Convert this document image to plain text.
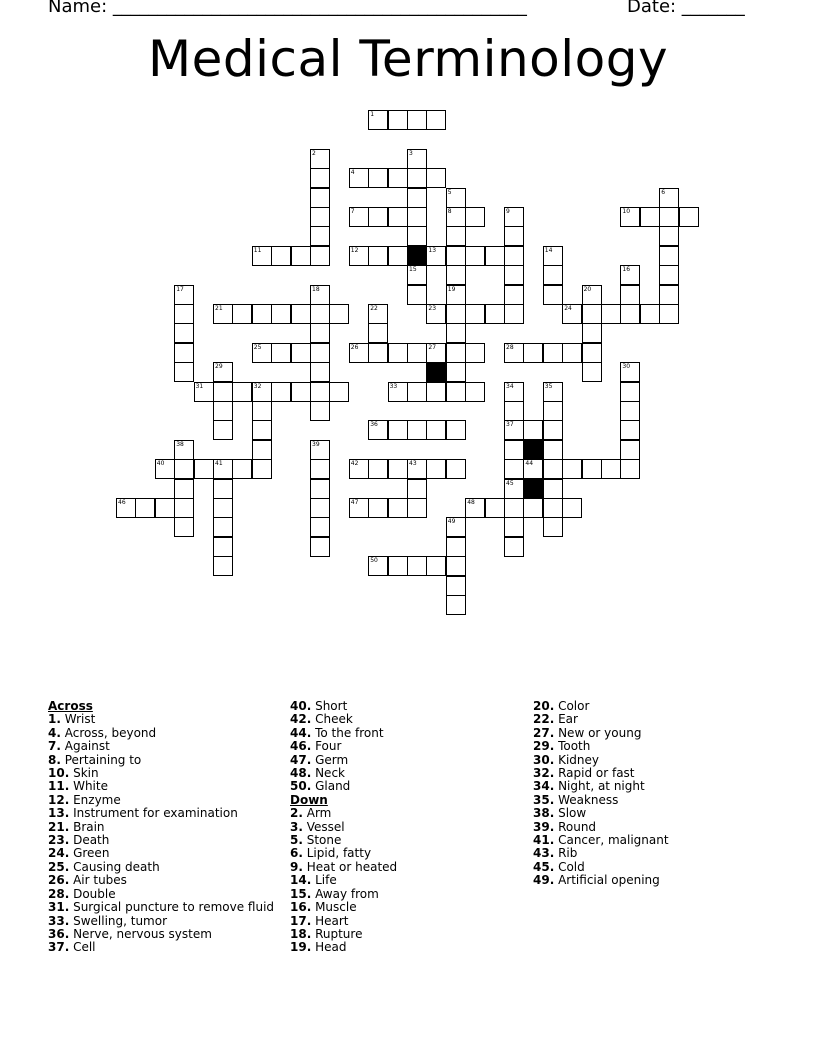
Name: ______________________________________________	Date: _______
Medical Terminology
1
4
7	8	10
11	12	13
21	23	24
25	26	27	28
31	32	33
36	37
40	41	42	43	44
46	47	48
50
2	3
15
5
19
6
9
14
16
17	18	20
22
29	30
34
45
35
38	39
49
Across
1. Wrist
4. Across, beyond
7. Against
8. Pertaining to
10. Skin
11. White
12. Enzyme
13. Instrument for examination
21. Brain
23. Death
24. Green
25. Causing death
26. Air tubes
28. Double
31. Surgical puncture to remove fluid
33. Swelling, tumor
36. Nerve, nervous system
37. Cell
40. Short
42. Cheek
44. To the front
46. Four
47. Germ
48. Neck
50. Gland
Down
2. Arm
3. Vessel
5. Stone
6. Lipid, fatty
9. Heat or heated
14. Life
15. Away from
16. Muscle
17. Heart
18. Rupture
19. Head
20. Color
22. Ear
27. New or young
29. Tooth
30. Kidney
32. Rapid or fast
34. Night, at night
35. Weakness
38. Slow
39. Round
41. Cancer, malignant
43. Rib
45. Cold
49. Artificial opening
